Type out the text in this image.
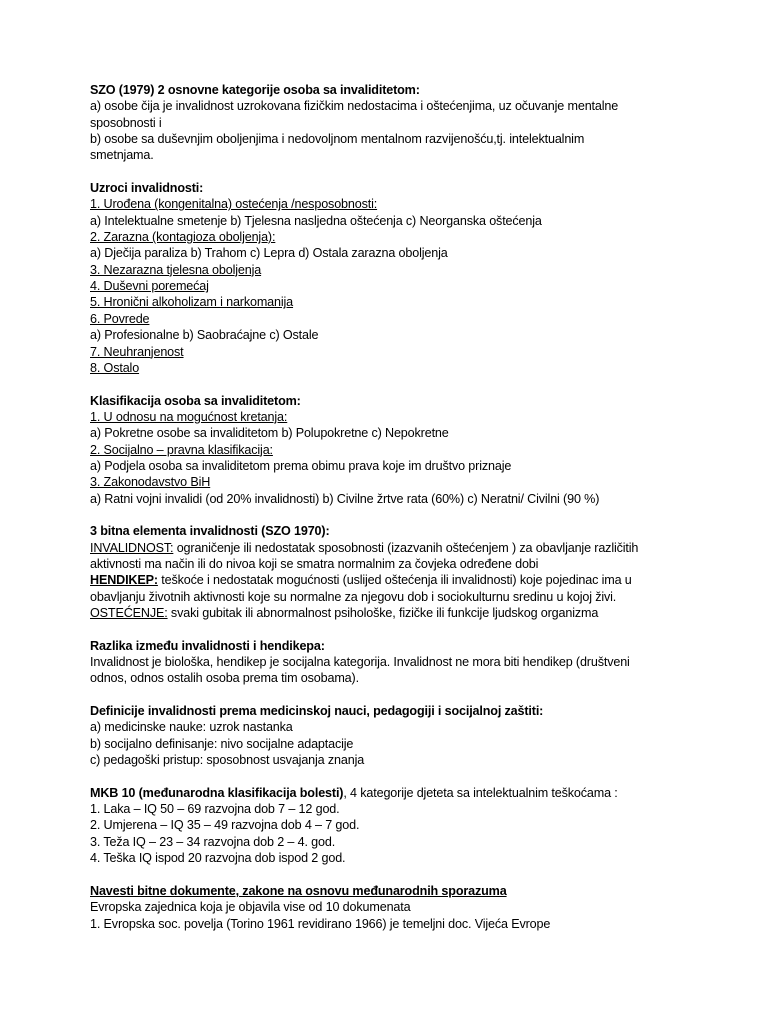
SZO (1979) 2 osnovne kategorije osoba sa invaliditetom:
a) osobe čija je invalidnost uzrokovana fizičkim nedostacima i oštećenjima, uz očuvanje mentalne
sposobnosti i
b) osobe sa duševnjim oboljenjima i nedovoljnom mentalnom razvijenošću,tj. intelektualnim
smetnjama.
Uzroci invalidnosti:
1. Urođena (kongenitalna) ostećenja /nesposobnosti:
a) Intelektualne smetenje b) Tjelesna nasljedna oštećenja c) Neorganska oštećenja
2. Zarazna (kontagioza oboljenja):
a) Dječija paraliza b) Trahom c) Lepra d) Ostala zarazna oboljenja
3. Nezarazna tjelesna oboljenja
4. Duševni poremećaj
5. Hronični alkoholizam i narkomanija
6. Povrede
a) Profesionalne b) Saobraćajne c) Ostale
7. Neuhranjenost
8. Ostalo
Klasifikacija osoba sa invaliditetom:
1. U odnosu na mogućnost kretanja:
a) Pokretne osobe sa invaliditetom b) Polupokretne c) Nepokretne
2. Socijalno – pravna klasifikacija:
a) Podjela osoba sa invaliditetom prema obimu prava koje im društvo priznaje
3. Zakonodavstvo BiH
a) Ratni vojni invalidi (od 20% invalidnosti) b) Civilne žrtve rata (60%) c) Neratni/ Civilni (90 %)
3 bitna elementa invalidnosti (SZO 1970):
INVALIDNOST: ograničenje ili nedostatak sposobnosti (izazvanih oštećenjem ) za obavljanje različitih
aktivnosti ma način ili do nivoa koji se smatra normalnim za čovjeka određene dobi
HENDIKEP: teškoće i nedostatak mogućnosti (uslijed oštećenja ili invalidnosti) koje pojedinac ima u
obavljanju životnih aktivnosti koje su normalne za njegovu dob i sociokulturnu sredinu u kojoj živi.
OSTEĆENJE: svaki gubitak ili abnormalnost psihološke, fizičke ili funkcije ljudskog organizma
Razlika između invalidnosti i hendikepa:
Invalidnost je biološka, hendikep je socijalna kategorija. Invalidnost ne mora biti hendikep (društveni
odnos, odnos ostalih osoba prema tim osobama).
Definicije invalidnosti prema medicinskoj nauci, pedagogiji i socijalnoj zaštiti:
a) medicinske nauke: uzrok nastanka
b) socijalno definisanje: nivo socijalne adaptacije
c) pedagoški pristup: sposobnost usvajanja znanja
MKB 10 (međunarodna klasifikacija bolesti), 4 kategorije djeteta sa intelektualnim teškoćama :
1. Laka – IQ 50 – 69 razvojna dob 7 – 12 god.
2. Umjerena – IQ 35 – 49 razvojna dob 4 – 7 god.
3. Teža IQ – 23 – 34 razvojna dob 2 – 4. god.
4. Teška IQ ispod 20 razvojna dob ispod 2 god.
Navesti bitne dokumente, zakone na osnovu međunarodnih sporazuma
Evropska zajednica koja je objavila vise od 10 dokumenata
1. Evropska soc. povelja (Torino 1961 revidirano 1966) je temeljni doc. Vijeća Evrope
